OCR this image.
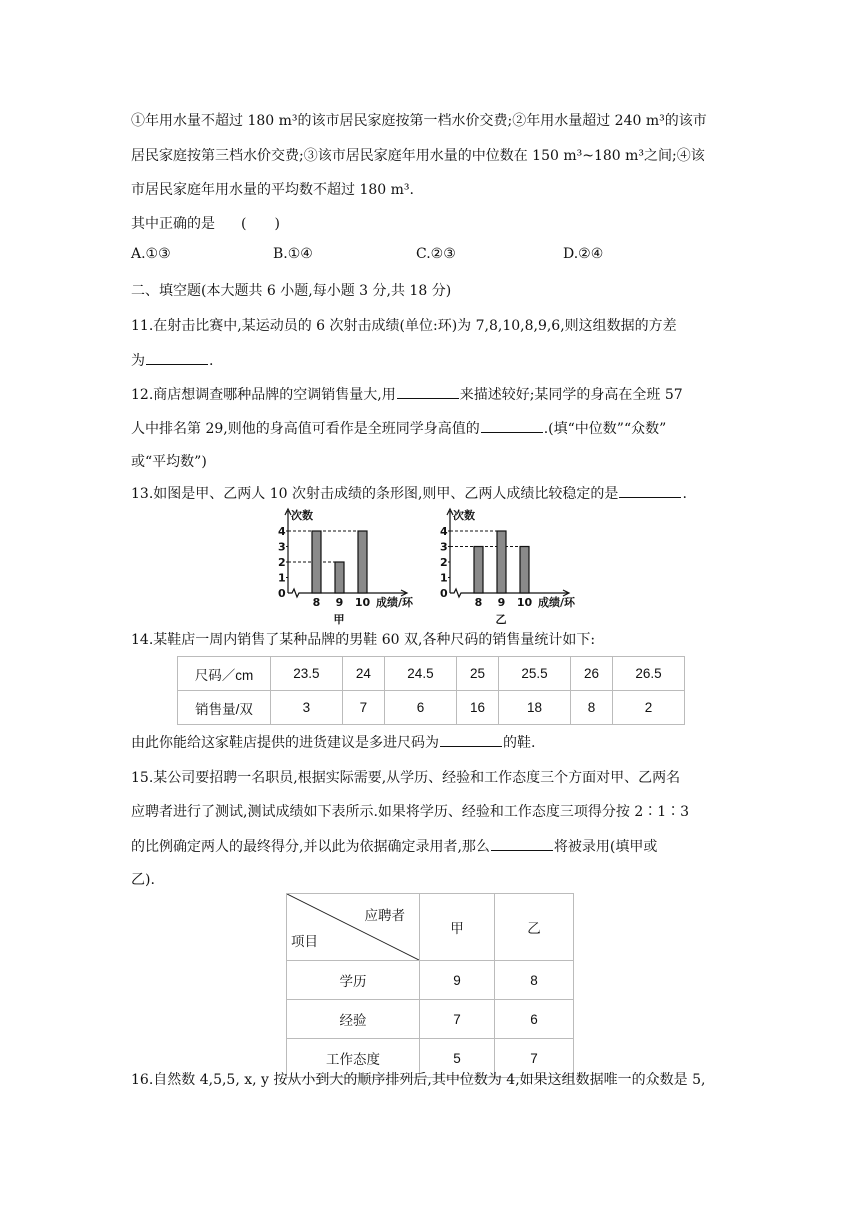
①年用水量不超过 180 m³的该市居民家庭按第一档水价交费;②年用水量超过 240 m³的该市
居民家庭按第三档水价交费;③该市居民家庭年用水量的中位数在 150 m³~180 m³之间;④该
市居民家庭年用水量的平均数不超过 180 m³.
其中正确的是 (　　)
A.①③	B.①④	C.②③	D.②④
二、填空题(本大题共 6 小题,每小题 3 分,共 18 分)
11.在射击比赛中,某运动员的 6 次射击成绩(单位:环)为 7,8,10,8,9,6,则这组数据的方差
为	.
12.商店想调查哪种品牌的空调销售量大,用	来描述较好;某同学的身高在全班 57
人中排名第 29,则他的身高值可看作是全班同学身高值的	.(填“中位数”“众数”
或“平均数”)
13.如图是甲、乙两人 10 次射击成绩的条形图,则甲、乙两人成绩比较稳定的是	.
次数
0
1
2
3
4
8 9 10 成绩/环
甲
次数
0
1
2
3
4
8 9 10 成绩/环
乙
14.某鞋店一周内销售了某种品牌的男鞋 60 双,各种尺码的销售量统计如下:
尺码／cm	23.5	24	24.5	25	25.5	26	26.5
销售量/双	3	7	6	16	18	8	2
由此你能给这家鞋店提供的进货建议是多进尺码为	的鞋.
15.某公司要招聘一名职员,根据实际需要,从学历、经验和工作态度三个方面对甲、乙两名
应聘者进行了测试,测试成绩如下表所示.如果将学历、经验和工作态度三项得分按 2∶1∶3
的比例确定两人的最终得分,并以此为依据确定录用者,那么	将被录用(填甲或
乙).
应聘者
项目	甲	乙
学历	9	8
经验	7	6
工作态度	5	7
16.自然数 4,5,5, x, y 按从小到大的顺序排列后,其中位数为 4,如果这组数据唯一的众数是 5,
